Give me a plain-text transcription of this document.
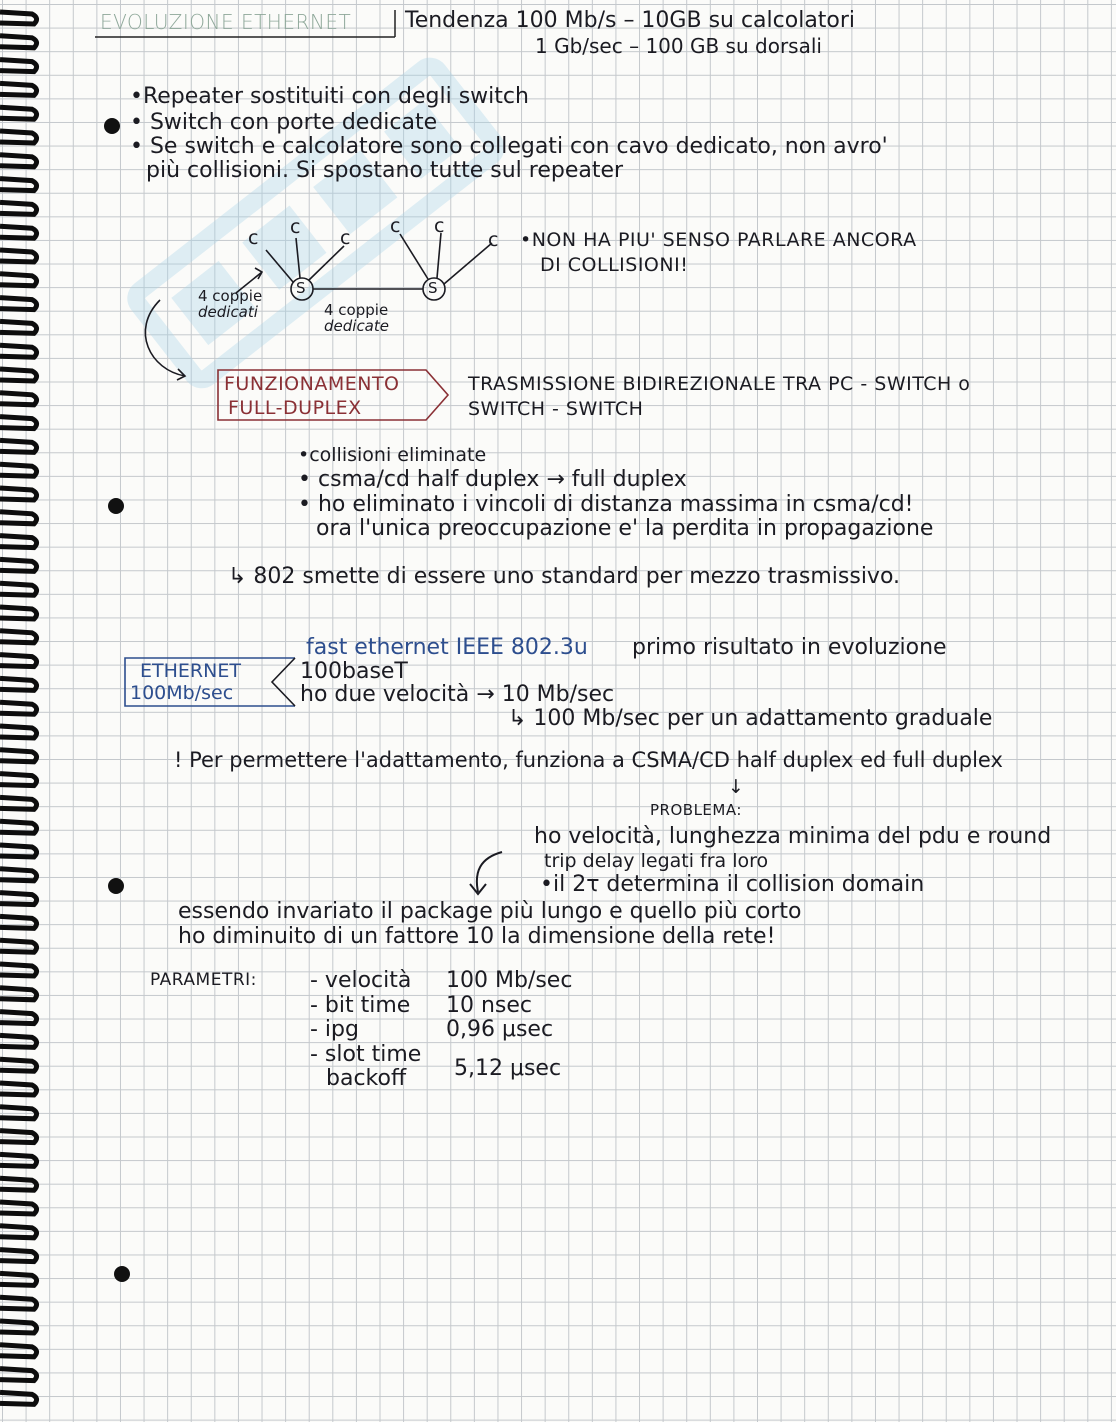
EVOLUZIONE ETHERNET Tendenza 100 Mb/s – 10GB su calcolatori
1 Gb/sec – 100 GB su dorsali
•Repeater sostituiti con degli switch
• Switch con porte dedicate
• Se switch e calcolatore sono collegati con cavo dedicato, non avro'
più collisioni. Si spostano tutte sul repeater
c c c
c c
c
S	S
4 coppie
dedicati	4 coppie
dedicate
•NON HA PIU' SENSO PARLARE ANCORA
DI COLLISIONI!
FUNZIONAMENTO
FULL-DUPLEX
TRASMISSIONE BIDIREZIONALE TRA PC - SWITCH o
SWITCH - SWITCH
•collisioni eliminate
• csma/cd half duplex → full duplex
• ho eliminato i vincoli di distanza massima in csma/cd!
ora l'unica preoccupazione e' la perdita in propagazione
↳ 802 smette di essere uno standard per mezzo trasmissivo.
ETHERNET
100Mb/sec
fast ethernet IEEE 802.3u primo risultato in evoluzione
100baseT
ho due velocità → 10 Mb/sec
↳ 100 Mb/sec per un adattamento graduale
! Per permettere l'adattamento, funziona a CSMA/CD half duplex ed full duplex
↓
PROBLEMA:
ho velocità, lunghezza minima del pdu e round
trip delay legati fra loro
•il 2τ determina il collision domain
essendo invariato il package più lungo e quello più corto
ho diminuito di un fattore 10 la dimensione della rete!
PARAMETRI: - velocità 100 Mb/sec
- bit time 10 nsec
- ipg	0,96 μsec
- slot time
backoff 5,12 μsec
